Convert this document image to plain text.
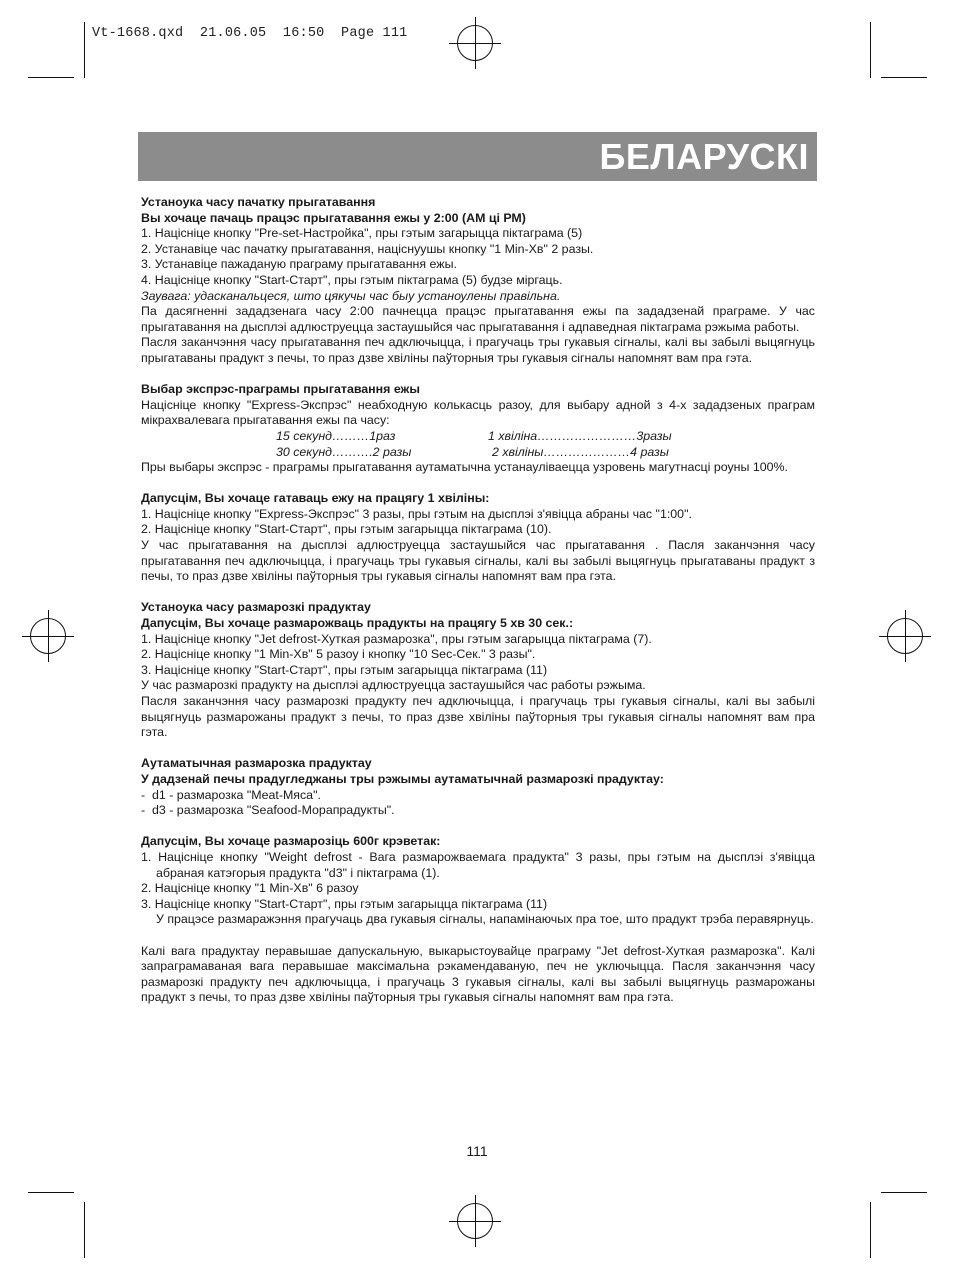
Vt-1668.qxd  21.06.05  16:50  Page 111
БЕЛАРУСКІ

Устаноука часу пачатку прыгатавання

Вы хочаце пачаць працэс прыгатавання ежы у 2:00 (АМ ці РМ)

1. Націсніце кнопку "Pre-set-Настройка", пры гэтым загарыцца піктаграма (5)

2. Устанавіце час пачатку прыгатавання, націснуушы кнопку "1 Min-Хв" 2 разы.

3. Устанавіце пажаданую праграму прыгатавання ежы.

4. Націсніце кнопку "Start-Старт", пры гэтым піктаграма (5) будзе міргаць.

Заувага: удасканальцеся, што цякучы час быу устаноулены правільна.

Па дасягненні зададзенага часу 2:00 пачнецца працэс прыгатавання ежы па зададзенай праграме. У час прыгатавання на дысплэі адлюструецца застаушыйся час прыгатавання і адпаведная піктаграма рэжыма работы.

Пасля заканчэння часу прыгатавання печ адключыцца, і прагучаць тры гукавыя сігналы, калі вы забылі выцягнуць прыгатаваны прадукт з печы, то праз дзве хвіліны паўторныя тры гукавыя сігналы напомнят вам пра гэта.

Выбар экспрэс-праграмы прыгатавання ежы

Націсніце кнопку "Express-Экспрэс" неабходную колькасць разоу, для выбару адной з 4-х зададзеных праграм мікрахвалевага прыгатавання ежы па часу:

15 секунд………1раз	1 хвіліна……………………3разы
30 секунд……….2 разы	2 хвіліны…………………4 разы

Пры выбары экспрэс - праграмы прыгатавання аутаматычна устанауліваецца узровень магутнасці роуны 100%.

Дапусцім, Вы хочаце гатаваць ежу на працягу 1 хвіліны:

1. Націсніце кнопку "Express-Экспрэс" 3 разы, пры гэтым на дысплэі з'явіцца абраны час "1:00".

2. Націсніце кнопку "Start-Старт", пры гэтым загарыцца піктаграма (10).

У час прыгатавання на дысплэі адлюструецца застаушыйся час прыгатавання . Пасля заканчэння часу прыгатавання печ адключыцца, і прагучаць тры гукавыя сігналы, калі вы забылі выцягнуць прыгатаваны прадукт з печы, то праз дзве хвіліны паўторныя тры гукавыя сігналы напомнят вам пра гэта.

Устаноука часу размарозкі прадуктау

Дапусцім, Вы хочаце размарожваць прадукты на працягу 5 хв 30 сек.:

1. Націсніце кнопку "Jet defrost-Хуткая размарозка", пры гэтым загарыцца піктаграма (7).

2. Націсніце кнопку "1 Min-Хв" 5 разоу і кнопку "10 Sec-Сек." 3 разы".

3. Націсніце кнопку "Start-Старт", пры гэтым загарыцца піктаграма (11)

У час размарозкі прадукту на дысплэі адлюструецца застаушыйся час работы рэжыма.

Пасля заканчэння часу размарозкі прадукту печ адключыцца, і прагучаць тры гукавыя сігналы, калі вы забылі выцягнуць размарожаны прадукт з печы, то праз дзве хвіліны паўторныя тры гукавыя сігналы напомнят вам пра гэта.

Аутаматычная размарозка прадуктау

У дадзенай печы прадугледжаны тры рэжымы аутаматычнай размарозкі прадуктау:

-  d1 - размарозка "Meat-Мяса".

-  d3 - размарозка "Seafood-Морапрадукты".

Дапусцім, Вы хочаце размарозіць 600г крэветак:

1. Націсніце кнопку "Weight defrost - Вага размарожваемага прадукта" 3 разы, пры гэтым на дысплэі з'явіцца абраная катэгорыя прадукта "d3" і піктаграма (1).

2. Націсніце кнопку "1 Min-Хв" 6 разоу

3. Націсніце кнопку "Start-Старт", пры гэтым загарыцца піктаграма (11)

У працэсе размаражэння прагучаць два гукавыя сігналы, напамінаючых пра тое, што прадукт трэба перавярнуць.

Калі вага прадуктау перавышае дапускальную, выкарыстоувайце праграму "Jet defrost-Хуткая размарозка". Калі запраграмаваная вага перавышае максімальна рэкамендаваную, печ не уключыцца. Пасля заканчэння часу размарозкі прадукту печ адключыцца, і прагучаць 3 гукавыя сігналы, калі вы забылі выцягнуць размарожаны прадукт з печы, то праз дзве хвіліны паўторныя тры гукавыя сігналы напомнят вам пра гэта.

111
